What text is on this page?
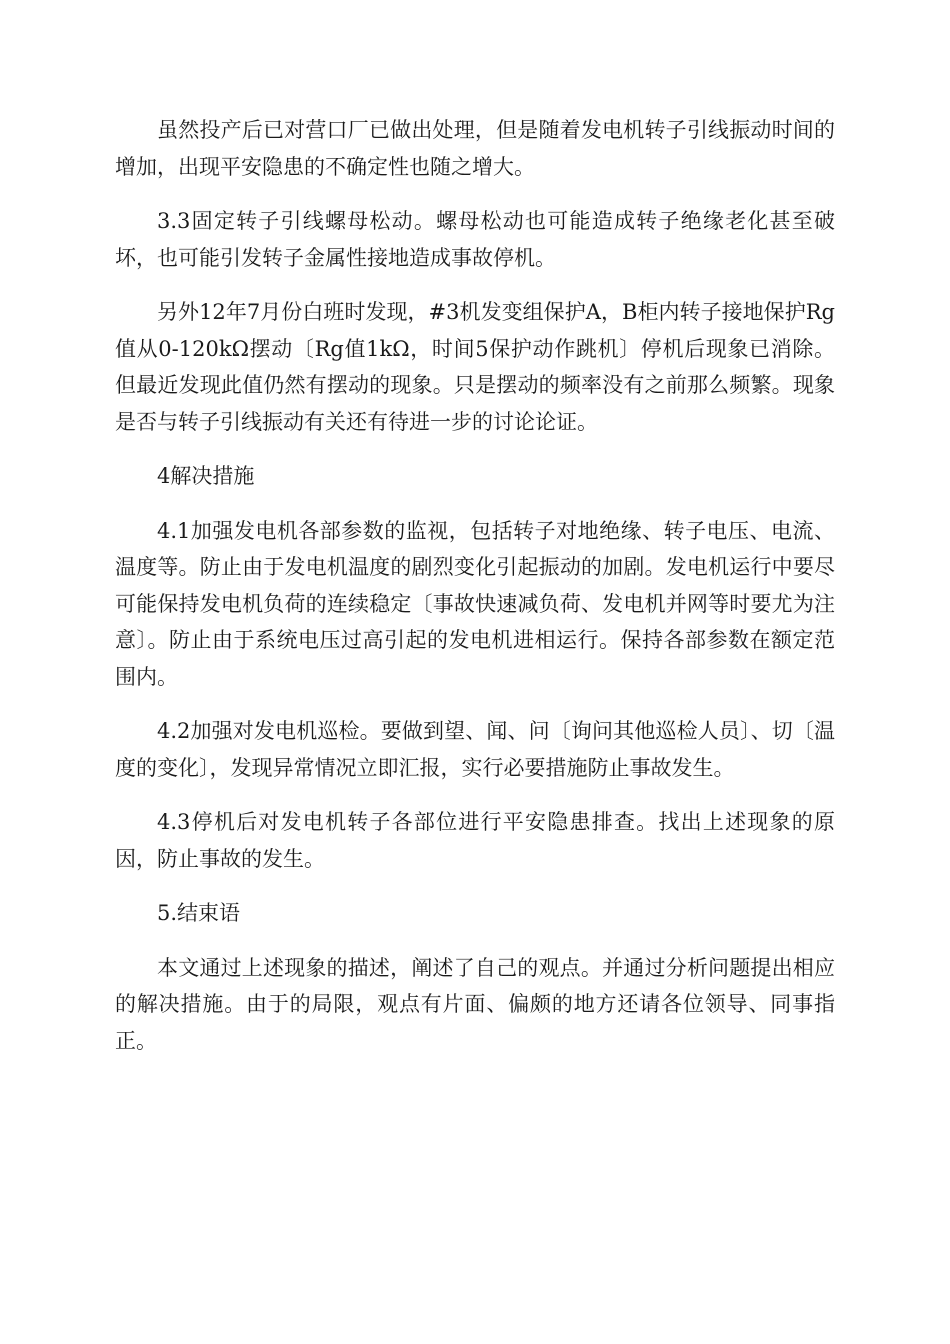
虽然投产后已对营口厂已做出处理，但是随着发电机转子引线振动时间的增加，出现平安隐患的不确定性也随之增大。

3.3固定转子引线螺母松动。螺母松动也可能造成转子绝缘老化甚至破坏，也可能引发转子金属性接地造成事故停机。

另外12年7月份白班时发现，#3机发变组保护A，B柜内转子接地保护Rg值从0-120kΩ摆动〔Rg值1kΩ，时间5保护动作跳机〕停机后现象已消除。但最近发现此值仍然有摆动的现象。只是摆动的频率没有之前那么频繁。现象是否与转子引线振动有关还有待进一步的讨论论证。

4解决措施

4.1加强发电机各部参数的监视，包括转子对地绝缘、转子电压、电流、温度等。防止由于发电机温度的剧烈变化引起振动的加剧。发电机运行中要尽可能保持发电机负荷的连续稳定〔事故快速减负荷、发电机并网等时要尤为注意〕。防止由于系统电压过高引起的发电机进相运行。保持各部参数在额定范围内。

4.2加强对发电机巡检。要做到望、闻、问〔询问其他巡检人员〕、切〔温度的变化〕，发现异常情况立即汇报，实行必要措施防止事故发生。

4.3停机后对发电机转子各部位进行平安隐患排查。找出上述现象的原因，防止事故的发生。

5.结束语

本文通过上述现象的描述，阐述了自己的观点。并通过分析问题提出相应的解决措施。由于的局限，观点有片面、偏颇的地方还请各位领导、同事指正。
